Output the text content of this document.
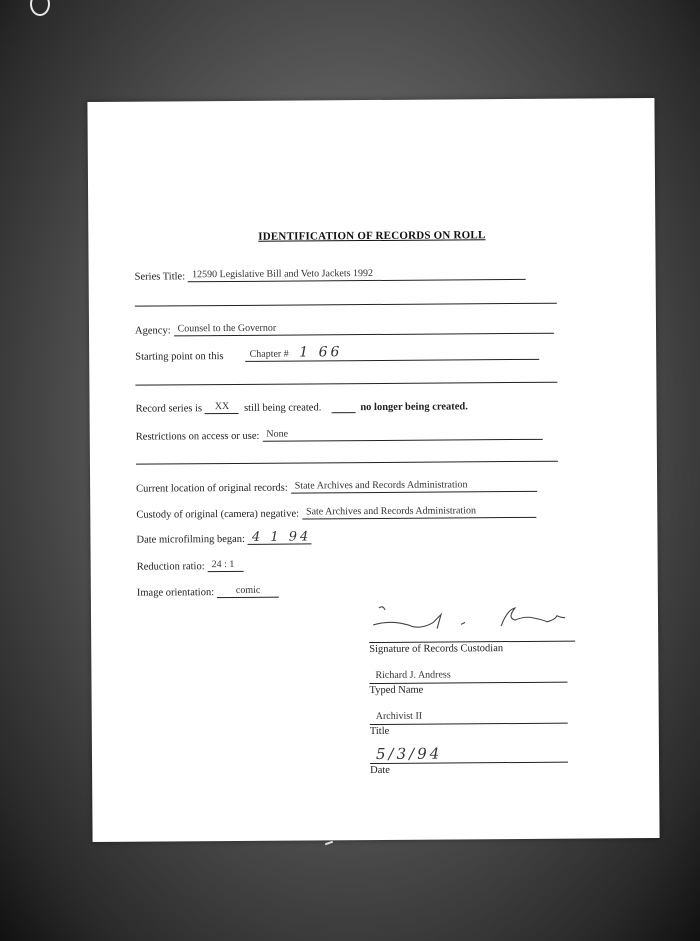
IDENTIFICATION OF RECORDS ON ROLL
Series Title: 12590 Legislative Bill and Veto Jackets 1992
Agency: Counsel to the Governor
Starting point on this	Chapter # 1 66
Record series is	XX	still being created.	no longer being created.
Restrictions on access or use: None
Current location of original records: State Archives and Records Administration
Custody of original (camera) negative: Sate Archives and Records Administration
Date microfilming began: 4 1 94
Reduction ratio: 24 : 1
Image orientation:	comic
Signature of Records Custodian
Richard J. Andress
Typed Name
Archivist II
Title
5/3/94
Date
